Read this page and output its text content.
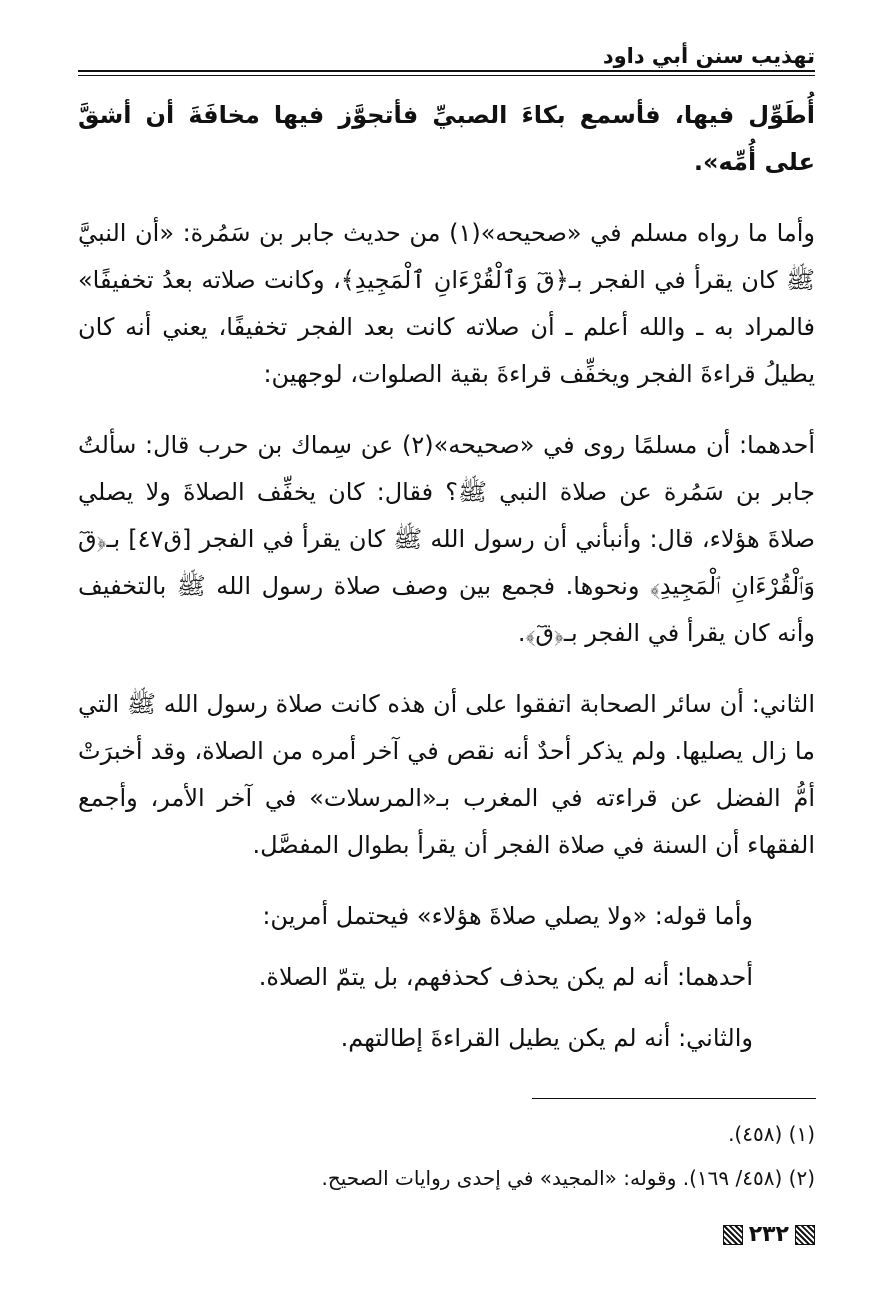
تهذيب سنن أبي داود

أُطَوِّل فيها، فأسمع بكاءَ الصبيِّ فأتجوَّز فيها مخافَةَ أن أشقَّ على أُمِّه».

وأما ما رواه مسلم في «صحيحه»(١) من حديث جابر بن سَمُرة: «أن النبيَّ ﷺ كان يقرأ في الفجر بـ﴿قٓ وَٱلْقُرْءَانِ ٱلْمَجِيدِ﴾، وكانت صلاته بعدُ تخفيفًا» فالمراد به ـ والله أعلم ـ أن صلاته كانت بعد الفجر تخفيفًا، يعني أنه كان يطيلُ قراءةَ الفجر ويخفِّف قراءةَ بقية الصلوات، لوجهين:

أحدهما: أن مسلمًا روى في «صحيحه»(٢) عن سِماك بن حرب قال: سألتُ جابر بن سَمُرة عن صلاة النبي ﷺ؟ فقال: كان يخفِّف الصلاةَ ولا يصلي صلاةَ هؤلاء، قال: وأنبأني أن رسول الله ﷺ كان يقرأ في الفجر [ق٤٧] بـ﴿قٓ وَٱلْقُرْءَانِ ٱلْمَجِيدِ﴾ ونحوها. فجمع بين وصف صلاة رسول الله ﷺ بالتخفيف وأنه كان يقرأ في الفجر بـ﴿قٓ﴾.

الثاني: أن سائر الصحابة اتفقوا على أن هذه كانت صلاة رسول الله ﷺ التي ما زال يصليها. ولم يذكر أحدٌ أنه نقص في آخر أمره من الصلاة، وقد أخبرَتْ أمُّ الفضل عن قراءته في المغرب بـ«المرسلات» في آخر الأمر، وأجمع الفقهاء أن السنة في صلاة الفجر أن يقرأ بطوال المفصَّل.

وأما قوله: «ولا يصلي صلاةَ هؤلاء» فيحتمل أمرين:

أحدهما: أنه لم يكن يحذف كحذفهم، بل يتمّ الصلاة.

والثاني: أنه لم يكن يطيل القراءةَ إطالتهم.

(١) (٤٥٨).
(٢) (٤٥٨/ ١٦٩). وقوله: «المجيد» في إحدى روايات الصحيح.
٢٣٢
